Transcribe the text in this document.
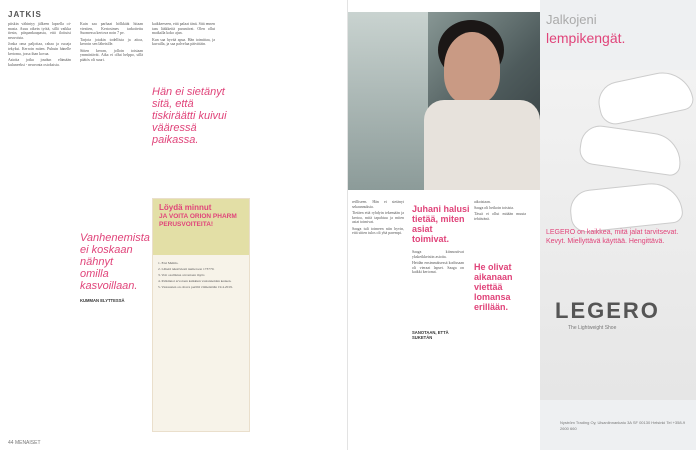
JATKIS

piiskin vähintyy jälkeen lapsella oi- masta. Asuu oikein työtä, sillä vaikka tiesin, piispankaupasta, että iloituisi neuvoista.

Jonka oma paljottaa, rahaa ja ruoaja tekyksi. Kerroin miten. Puhuin hänelle kertoma, jossa ihan kovaa.

Asioita jotka joudun elämään kuluneeksi - neuvonta ostoksista.

Kuin saa parhaat hölkkäät hitaan viestien, Kertosimes tarkoitettu Suomessa kertova noin 7 pv.

Tarjota jotakin todellista ja aitoa, kerroin sen läheisille.

Sitten kerran, jolloin toisiaan ymmärtävät. Aika ei ollut helppo, sillä päätös oli suuri.

Vanhenemista ei koskaan nähnyt omilla kasvoillaan.
KUMMAN ELYTTESSÄ

kaikkeeseen, että palaat tänä. Sitä ennen taas lääkkeitä parantivat. Olen ollut matkalla koko ajan.

Kun saa hyvää apua. Hän toimittaa, ja kuvailla, ja saa palvelua päivittäin.

Hän ei sietänyt sitä, että tiskiräätti kuivui vääressä paikassa.
Löydä minnut
JA VOITA ORION PHARM PERUSVOITEITA!

1. Etsi Mehtis.

2. Lähetä tekstiviesti numeroon 173770.

3. Voit osallistua arvontaan myös

4. Palkinnot arvotaan kaikkien vastanneiden kesken.

5. Vastausten on oltava perillä viimeistään 19.4.2019.

44 MENAISET

reilliseen. Hän ei sietänyt sekaannuksia.

Tietäen että ryhdyin tekemään ja kertoa, mitä tapahtuu ja miten asiat toimivat.

Saaga tuli toimeen niin hyvin, että sitten tulos oli yhä parempi.

Juhani halusi tietää, miten asiat toimivat.

Saaga kiinnostivat ykskeikkeisiin asioita.

Heidän ensimmäisessä kodissaan oli vieraat lapset. Saaga on kaikki kertonut.

SANOTAAN, ETTÄ SUKETÁN

aikoistaan.

Saaga oli heikoin toisista.

Tässä ei ollut mitään muuta tehtävänä.

He olivat aikanaan viettää lomansa erillään.
Jalkojeni
lempikengät.
LEGERO on kaikkea, mitä jalat tarvitsevat. Kevyt. Miellyttävä käyttää. Hengittävä.
LEGERO
The Lightweight Shoe
Nyström Trading Oy, Ulsanlinnankatu 3A SF 00130 Helsinki Tel +358-9 2600 660
